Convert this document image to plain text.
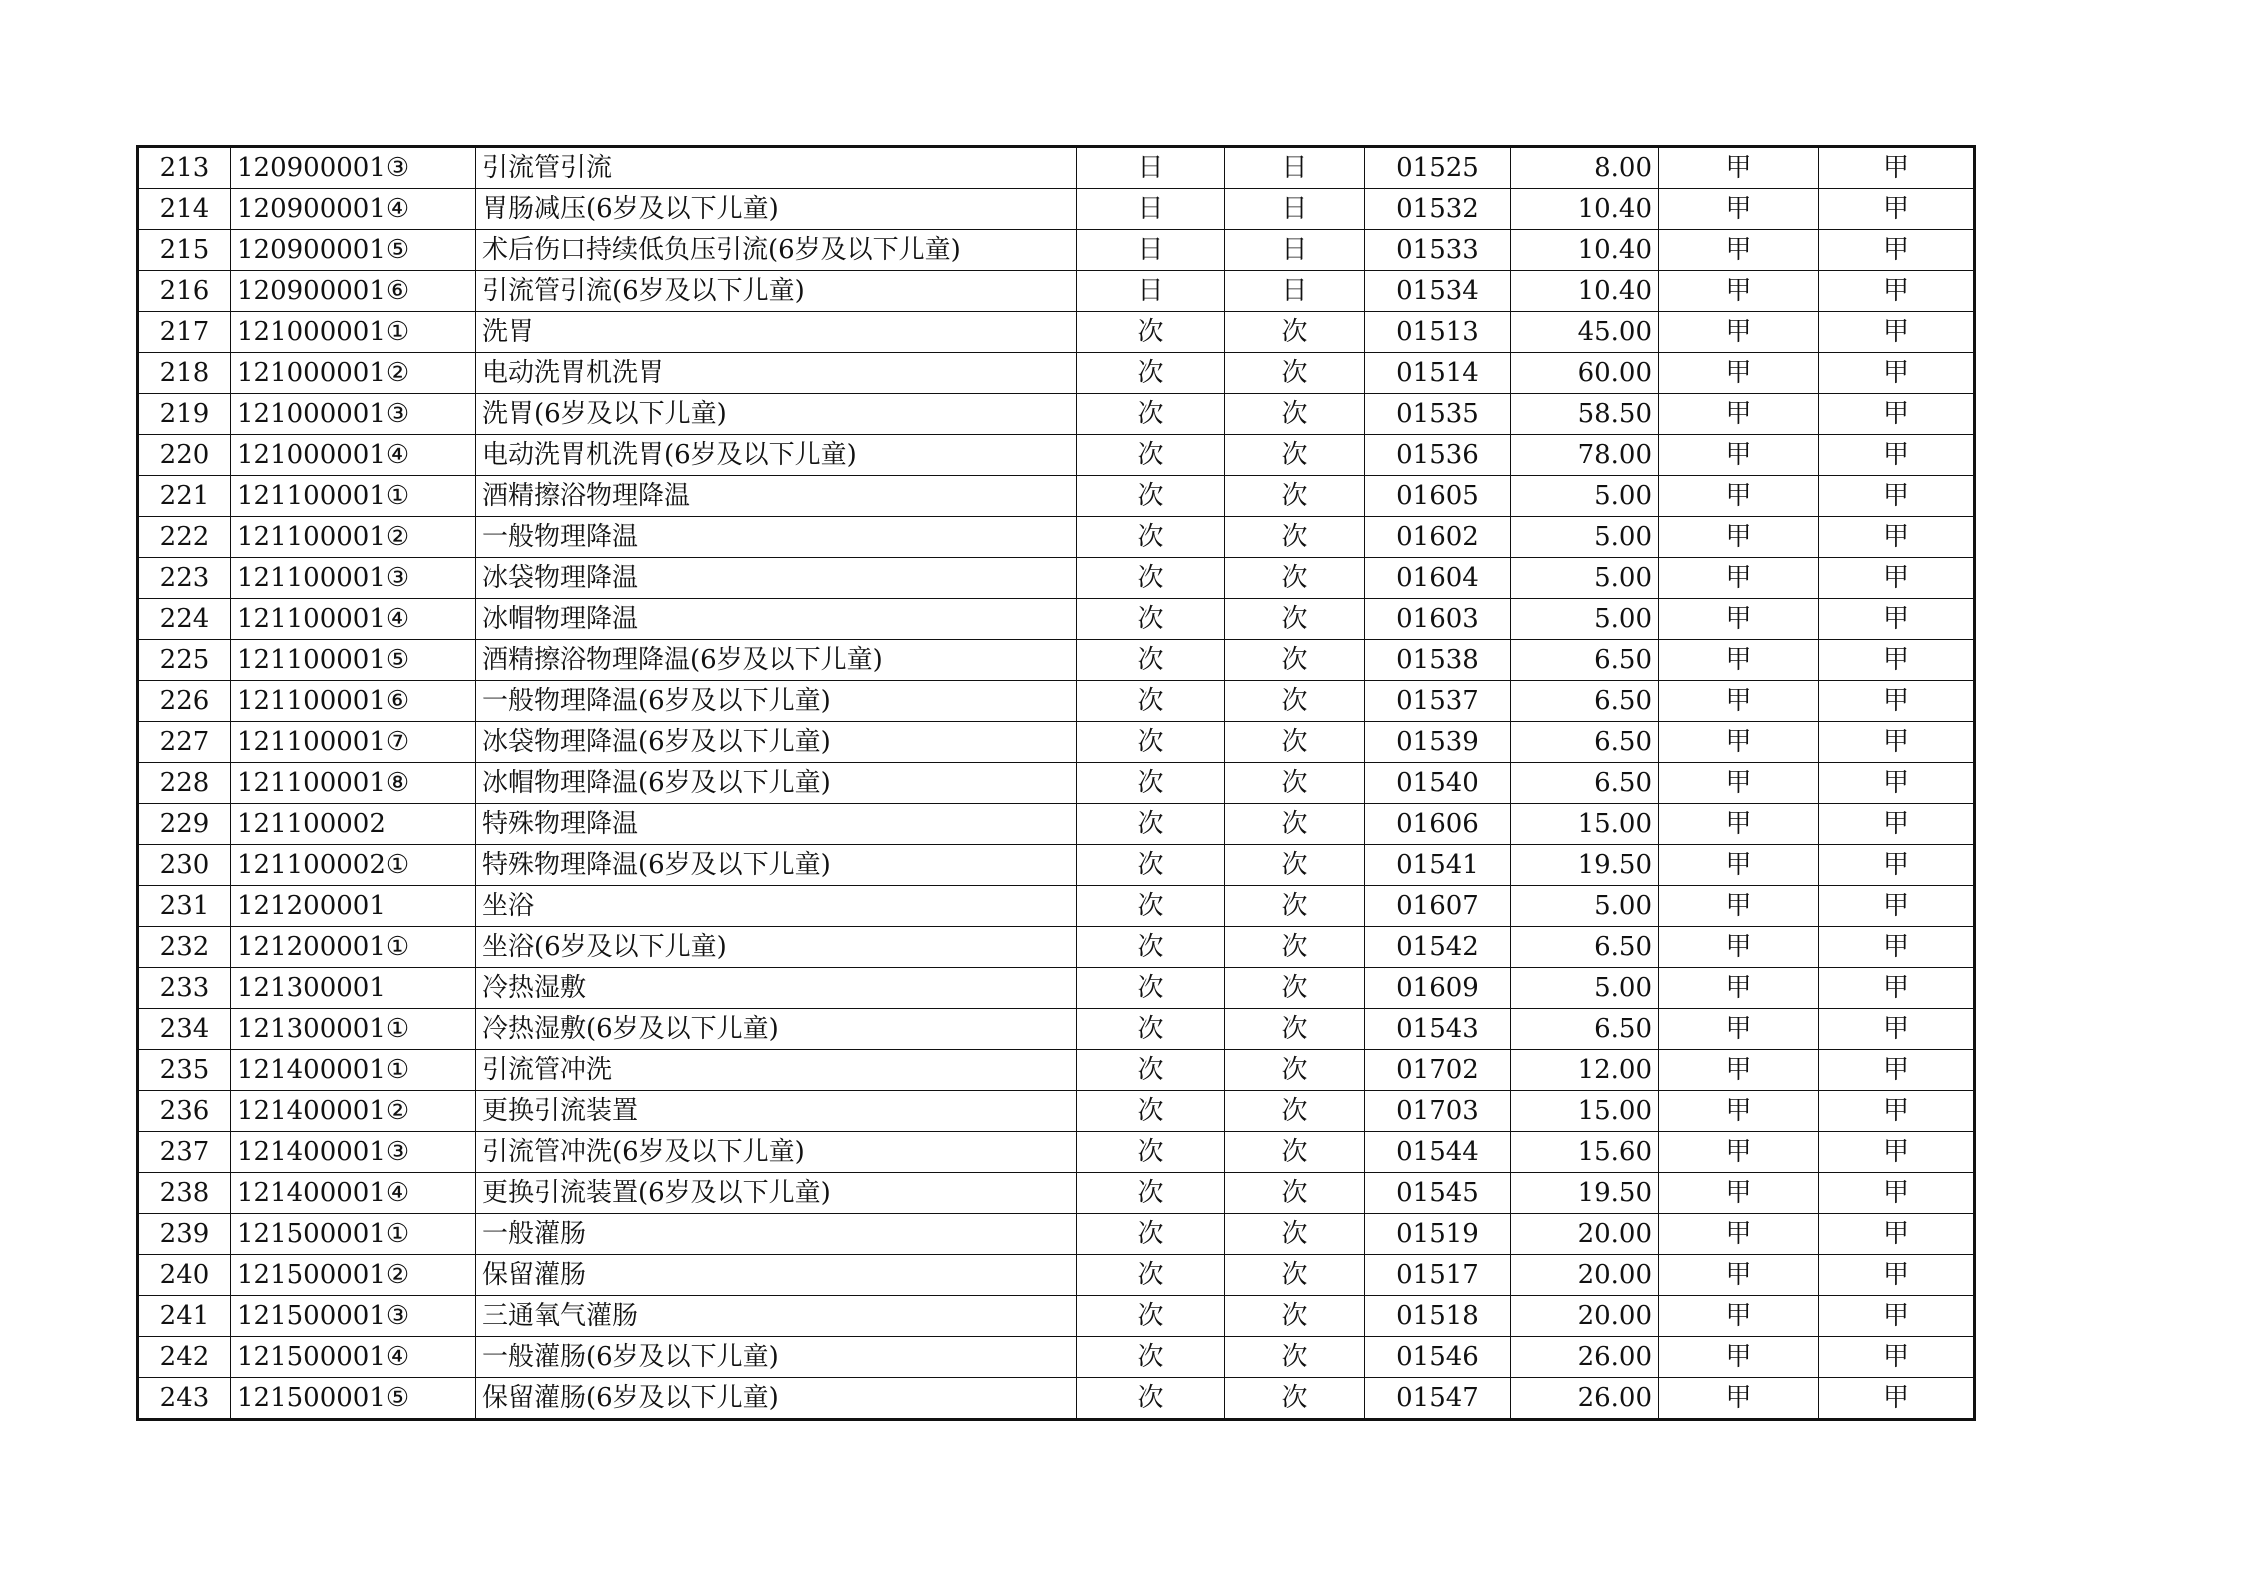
213	120900001③	引流管引流	日	日	01525	8.00	甲	甲
214	120900001④	胃肠减压(6岁及以下儿童)	日	日	01532	10.40	甲	甲
215	120900001⑤	术后伤口持续低负压引流(6岁及以下儿童)	日	日	01533	10.40	甲	甲
216	120900001⑥	引流管引流(6岁及以下儿童)	日	日	01534	10.40	甲	甲
217	121000001①	洗胃	次	次	01513	45.00	甲	甲
218	121000001②	电动洗胃机洗胃	次	次	01514	60.00	甲	甲
219	121000001③	洗胃(6岁及以下儿童)	次	次	01535	58.50	甲	甲
220	121000001④	电动洗胃机洗胃(6岁及以下儿童)	次	次	01536	78.00	甲	甲
221	121100001①	酒精擦浴物理降温	次	次	01605	5.00	甲	甲
222	121100001②	一般物理降温	次	次	01602	5.00	甲	甲
223	121100001③	冰袋物理降温	次	次	01604	5.00	甲	甲
224	121100001④	冰帽物理降温	次	次	01603	5.00	甲	甲
225	121100001⑤	酒精擦浴物理降温(6岁及以下儿童)	次	次	01538	6.50	甲	甲
226	121100001⑥	一般物理降温(6岁及以下儿童)	次	次	01537	6.50	甲	甲
227	121100001⑦	冰袋物理降温(6岁及以下儿童)	次	次	01539	6.50	甲	甲
228	121100001⑧	冰帽物理降温(6岁及以下儿童)	次	次	01540	6.50	甲	甲
229	121100002	特殊物理降温	次	次	01606	15.00	甲	甲
230	121100002①	特殊物理降温(6岁及以下儿童)	次	次	01541	19.50	甲	甲
231	121200001	坐浴	次	次	01607	5.00	甲	甲
232	121200001①	坐浴(6岁及以下儿童)	次	次	01542	6.50	甲	甲
233	121300001	冷热湿敷	次	次	01609	5.00	甲	甲
234	121300001①	冷热湿敷(6岁及以下儿童)	次	次	01543	6.50	甲	甲
235	121400001①	引流管冲洗	次	次	01702	12.00	甲	甲
236	121400001②	更换引流装置	次	次	01703	15.00	甲	甲
237	121400001③	引流管冲洗(6岁及以下儿童)	次	次	01544	15.60	甲	甲
238	121400001④	更换引流装置(6岁及以下儿童)	次	次	01545	19.50	甲	甲
239	121500001①	一般灌肠	次	次	01519	20.00	甲	甲
240	121500001②	保留灌肠	次	次	01517	20.00	甲	甲
241	121500001③	三通氧气灌肠	次	次	01518	20.00	甲	甲
242	121500001④	一般灌肠(6岁及以下儿童)	次	次	01546	26.00	甲	甲
243	121500001⑤	保留灌肠(6岁及以下儿童)	次	次	01547	26.00	甲	甲
